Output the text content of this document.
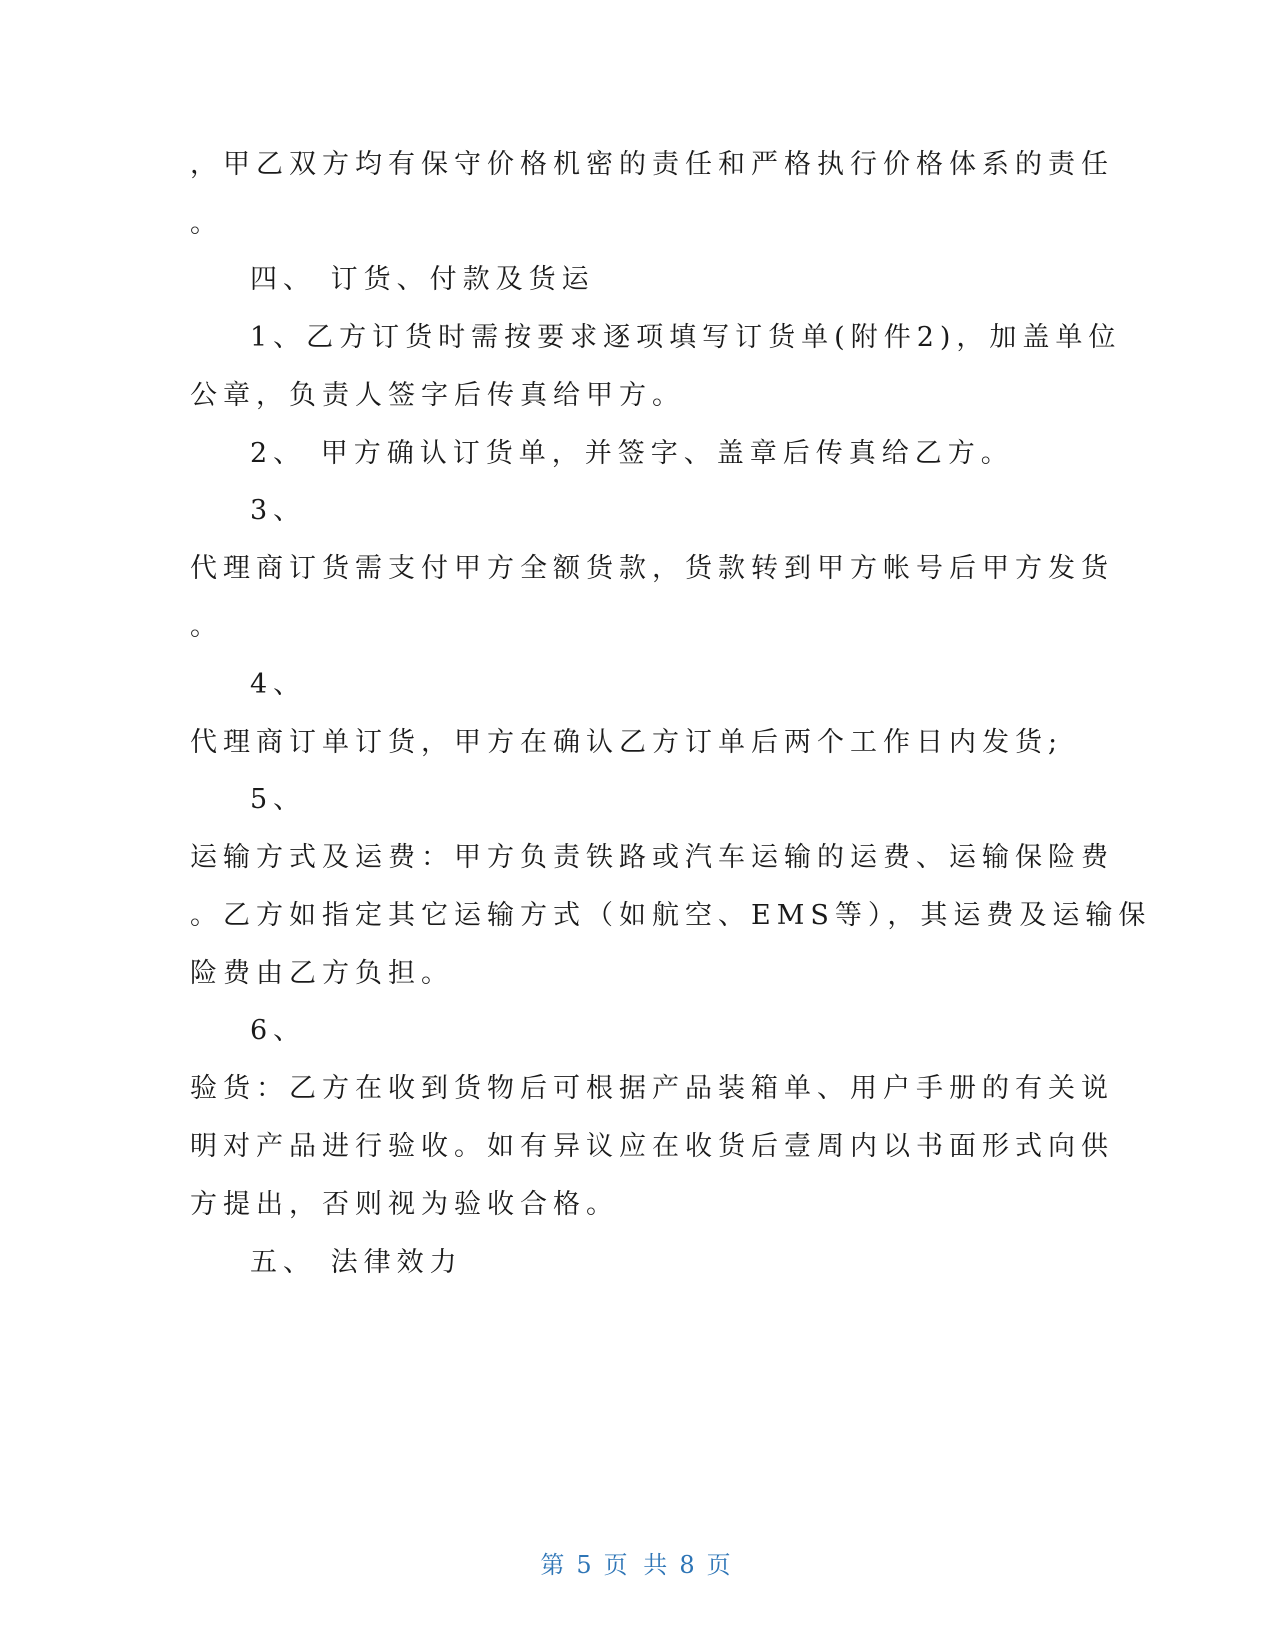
，甲乙双方均有保守价格机密的责任和严格执行价格体系的责任
。
四、 订货、付款及货运
1、乙方订货时需按要求逐项填写订货单(附件2)，加盖单位
公章，负责人签字后传真给甲方。
2、 甲方确认订货单，并签字、盖章后传真给乙方。
3、
代理商订货需支付甲方全额货款，货款转到甲方帐号后甲方发货
。
4、
代理商订单订货，甲方在确认乙方订单后两个工作日内发货;
5、
运输方式及运费：甲方负责铁路或汽车运输的运费、运输保险费
。乙方如指定其它运输方式（如航空、EMS等），其运费及运输保
险费由乙方负担。
6、
验货：乙方在收到货物后可根据产品装箱单、用户手册的有关说
明对产品进行验收。如有异议应在收货后壹周内以书面形式向供
方提出，否则视为验收合格。
五、 法律效力
第 5 页 共 8 页
